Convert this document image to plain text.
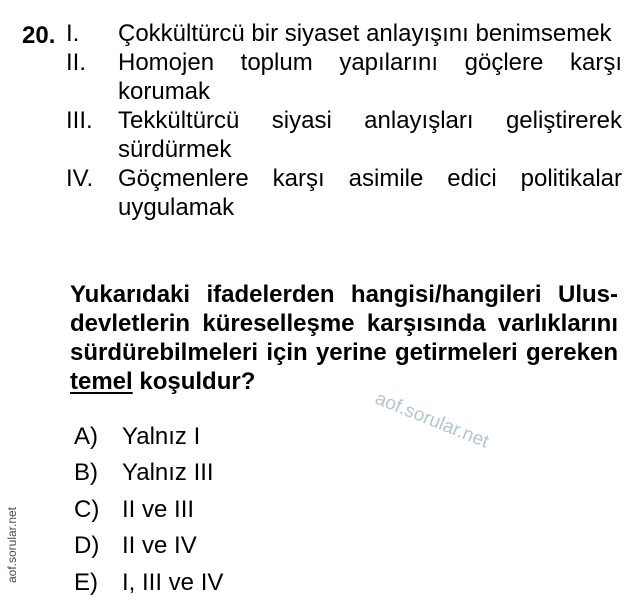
20. I.	Çokkültürcü bir siyaset anlayışını benimsemek
II.	Homojen toplum yapılarını göçlere karşı korumak
III.	Tekkültürcü siyasi anlayışları geliştirerek sürdürmek
IV.	Göçmenlere karşı asimile edici politikalar uygulamak
Yukarıdaki ifadelerden hangisi/hangileri Ulus-devletlerin küreselleşme karşısında varlıklarını sürdürebilmeleri için yerine getirmeleri gereken temel koşuldur?
A)	Yalnız I
B)	Yalnız III
C) II ve III
D) II ve IV
E)	I, III ve IV
aof.sorular.net
aof.sorular.net
